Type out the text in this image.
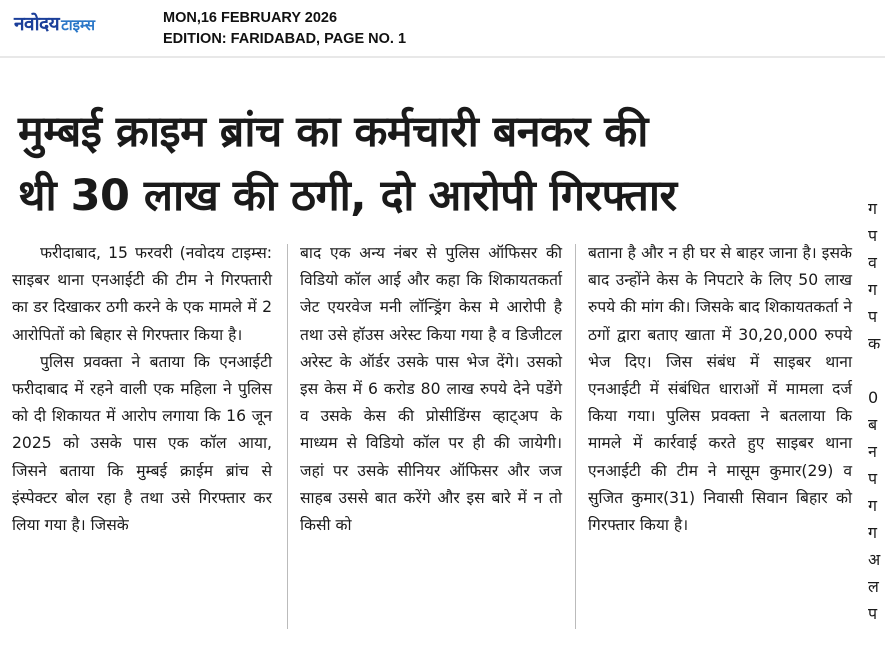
नवोदय टाइम्स	MON,16 FEBRUARY 2026
EDITION: FARIDABAD, PAGE NO. 1
मुम्बई क्राइम ब्रांच का कर्मचारी बनकर की
थी 30 लाख की ठगी, दो आरोपी गिरफ्तार

फरीदाबाद, 15 फरवरी (नवोदय टाइम्स: साइबर थाना एनआईटी की टीम ने गिरफ्तारी का डर दिखाकर ठगी करने के एक मामले में 2 आरोपितों को बिहार से गिरफ्तार किया है।

पुलिस प्रवक्ता ने बताया कि एनआईटी फरीदाबाद में रहने वाली एक महिला ने पुलिस को दी शिकायत में आरोप लगाया कि 16 जून 2025 को उसके पास एक कॉल आया, जिसने बताया कि मुम्बई क्राईम ब्रांच से इंस्पेक्टर बोल रहा है तथा उसे गिरफ्तार कर लिया गया है। जिसके

बाद एक अन्य नंबर से पुलिस ऑफिसर की विडियो कॉल आई और कहा कि शिकायतकर्ता जेट एयरवेज मनी लॉन्ड्रिंग केस मे आरोपी है तथा उसे हॉउस अरेस्ट किया गया है व डिजीटल अरेस्ट के ऑर्डर उसके पास भेज देंगे। उसको इस केस में 6 करोड 80 लाख रुपये देने पडेंगे व उसके केस की प्रोसीडिंग्स व्हाट्अप के माध्यम से विडियो कॉल पर ही की जायेगी। जहां पर उसके सीनियर ऑफिसर और जज साहब उससे बात करेंगे और इस बारे में न तो किसी को

बताना है और न ही घर से बाहर जाना है। इसके बाद उन्होंने केस के निपटारे के लिए 50 लाख रुपये की मांग की। जिसके बाद शिकायतकर्ता ने ठगों द्वारा बताए खाता में 30,20,000 रुपये भेज दिए। जिस संबंध में साइबर थाना एनआईटी में संबंधित धाराओं में मामला दर्ज किया गया। पुलिस प्रवक्ता ने बतलाया कि मामले में कार्रवाई करते हुए साइबर थाना एनआईटी की टीम ने मासूम कुमार(29) व सुजित कुमार(31) निवासी सिवान बिहार को गिरफ्तार किया है।

ग
प
व
ग
प
क

0
ब
न
प
ग
ग
अ
ल
प
